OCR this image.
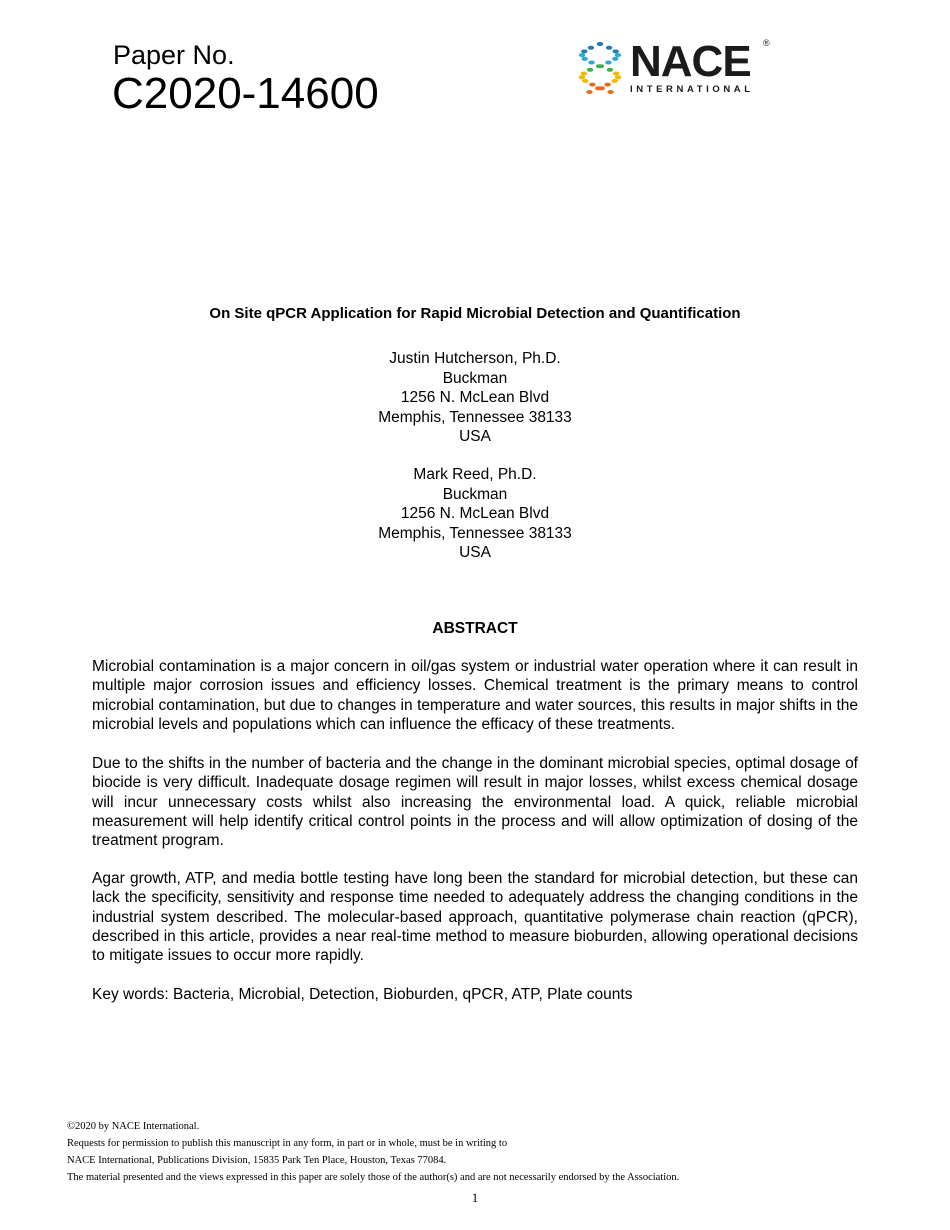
Paper No.
C2020-14600
NACE ®
INTERNATIONAL
On Site qPCR Application for Rapid Microbial Detection and Quantification
Justin Hutcherson, Ph.D.
Buckman
1256 N. McLean Blvd
Memphis, Tennessee 38133
USA
Mark Reed, Ph.D.
Buckman
1256 N. McLean Blvd
Memphis, Tennessee 38133
USA
ABSTRACT
Microbial contamination is a major concern in oil/gas system or industrial water operation where it can result in multiple major corrosion issues and efficiency losses. Chemical treatment is the primary means to control microbial contamination, but due to changes in temperature and water sources, this results in major shifts in the microbial levels and populations which can influence the efficacy of these treatments.
Due to the shifts in the number of bacteria and the change in the dominant microbial species, optimal dosage of biocide is very difficult. Inadequate dosage regimen will result in major losses, whilst excess chemical dosage will incur unnecessary costs whilst also increasing the environmental load. A quick, reliable microbial measurement will help identify critical control points in the process and will allow optimization of dosing of the treatment program.
Agar growth, ATP, and media bottle testing have long been the standard for microbial detection, but these can lack the specificity, sensitivity and response time needed to adequately address the changing conditions in the industrial system described. The molecular-based approach, quantitative polymerase chain reaction (qPCR), described in this article, provides a near real-time method to measure bioburden, allowing operational decisions to mitigate issues to occur more rapidly.
Key words: Bacteria, Microbial, Detection, Bioburden, qPCR, ATP, Plate counts
©2020 by NACE International.
Requests for permission to publish this manuscript in any form, in part or in whole, must be in writing to
NACE International, Publications Division, 15835 Park Ten Place, Houston, Texas 77084.
The material presented and the views expressed in this paper are solely those of the author(s) and are not necessarily endorsed by the Association.
1
